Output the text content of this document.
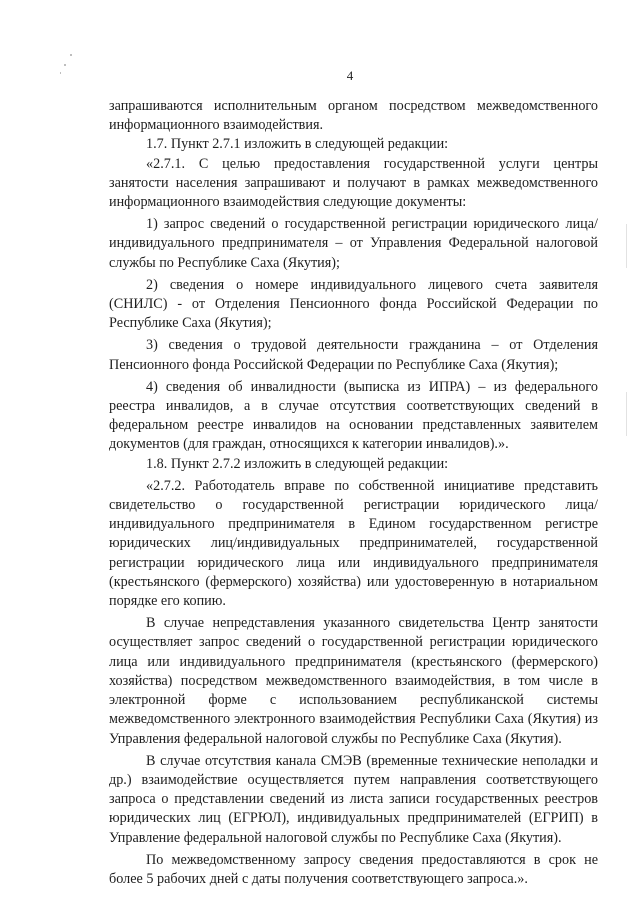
4

запрашиваются исполнительным органом посредством межведомственного информационного взаимодействия.

1.7. Пункт 2.7.1 изложить в следующей редакции:

«2.7.1. С целью предоставления государственной услуги центры занятости населения запрашивают и получают в рамках межведомственного информационного взаимодействия следующие документы:

1) запрос сведений о государственной регистрации юридического лица/индивидуального предпринимателя – от Управления Федеральной налоговой службы по Республике Саха (Якутия);

2) сведения о номере индивидуального лицевого счета заявителя (СНИЛС) - от Отделения Пенсионного фонда Российской Федерации по Республике Саха (Якутия);

3) сведения о трудовой деятельности гражданина – от Отделения Пенсионного фонда Российской Федерации по Республике Саха (Якутия);

4) сведения об инвалидности (выписка из ИПРА) – из федерального реестра инвалидов, а в случае отсутствия соответствующих сведений в федеральном реестре инвалидов на основании представленных заявителем документов (для граждан, относящихся к категории инвалидов).».

1.8. Пункт 2.7.2 изложить в следующей редакции:

«2.7.2. Работодатель вправе по собственной инициативе представить свидетельство о государственной регистрации юридического лица/индивидуального предпринимателя в Едином государственном регистре юридических лиц/индивидуальных предпринимателей, государственной регистрации юридического лица или индивидуального предпринимателя (крестьянского (фермерского) хозяйства) или удостоверенную в нотариальном порядке его копию.

В случае непредставления указанного свидетельства Центр занятости осуществляет запрос сведений о государственной регистрации юридического лица или индивидуального предпринимателя (крестьянского (фермерского) хозяйства) посредством межведомственного взаимодействия, в том числе в электронной форме с использованием республиканской системы межведомственного электронного взаимодействия Республики Саха (Якутия) из Управления федеральной налоговой службы по Республике Саха (Якутия).

В случае отсутствия канала СМЭВ (временные технические неполадки и др.) взаимодействие осуществляется путем направления соответствующего запроса о представлении сведений из листа записи государственных реестров юридических лиц (ЕГРЮЛ), индивидуальных предпринимателей (ЕГРИП) в Управление федеральной налоговой службы по Республике Саха (Якутия).

По межведомственному запросу сведения предоставляются в срок не более 5 рабочих дней с даты получения соответствующего запроса.».
